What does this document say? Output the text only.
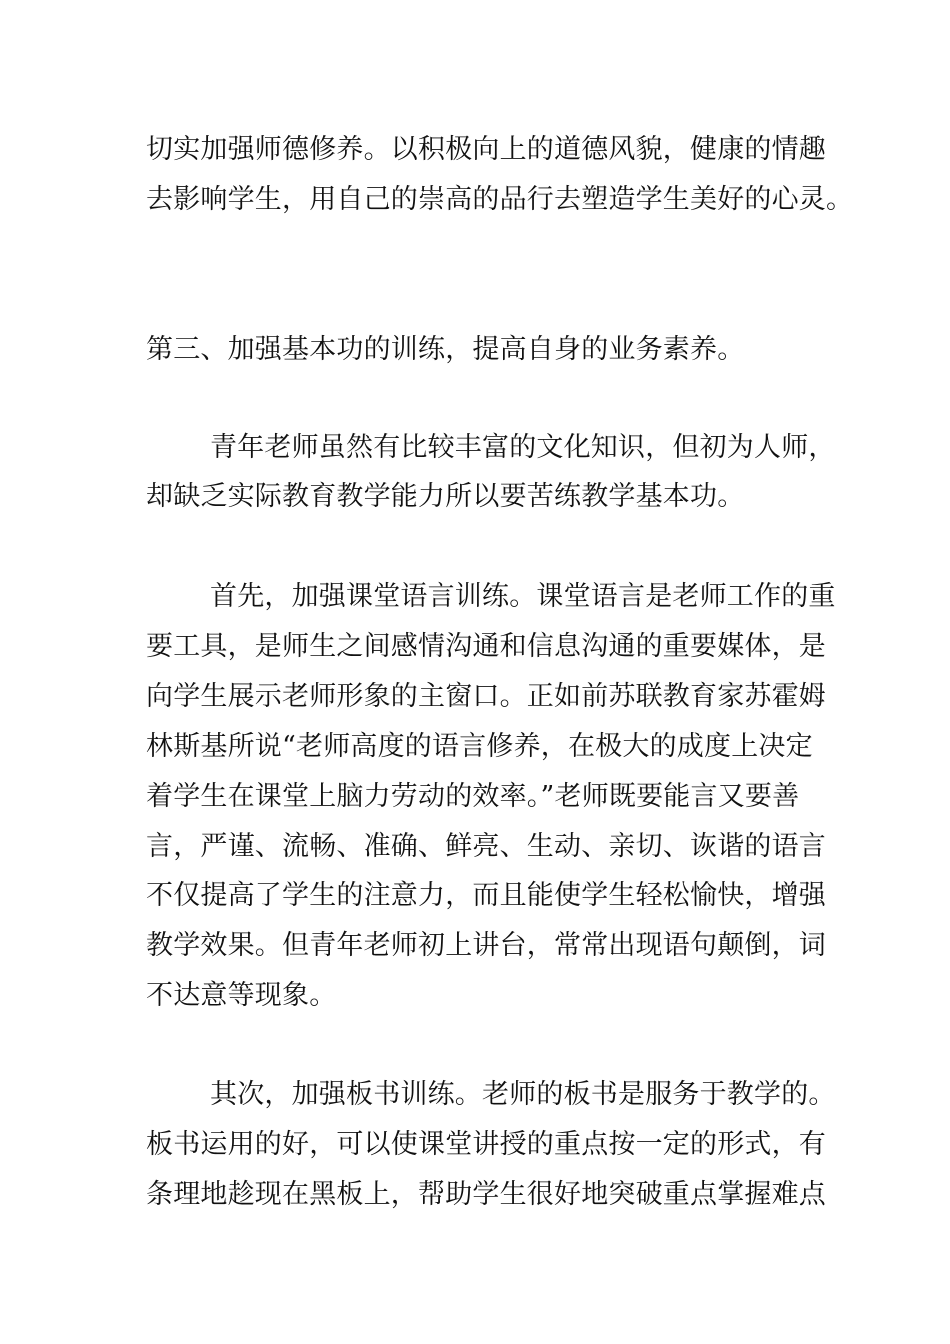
切实加强师德修养。以积极向上的道德风貌，健康的情趣
去影响学生，用自己的崇高的品行去塑造学生美好的心灵。
第三、加强基本功的训练，提高自身的业务素养。
青年老师虽然有比较丰富的文化知识，但初为人师，
却缺乏实际教育教学能力所以要苦练教学基本功。
首先，加强课堂语言训练。课堂语言是老师工作的重
要工具，是师生之间感情沟通和信息沟通的重要媒体，是
向学生展示老师形象的主窗口。正如前苏联教育家苏霍姆
林斯基所说“老师高度的语言修养，在极大的成度上决定
着学生在课堂上脑力劳动的效率。”老师既要能言又要善
言，严谨、流畅、准确、鲜亮、生动、亲切、诙谐的语言
不仅提高了学生的注意力，而且能使学生轻松愉快，增强
教学效果。但青年老师初上讲台，常常出现语句颠倒，词
不达意等现象。
其次，加强板书训练。老师的板书是服务于教学的。
板书运用的好，可以使课堂讲授的重点按一定的形式，有
条理地趁现在黑板上，帮助学生很好地突破重点掌握难点
